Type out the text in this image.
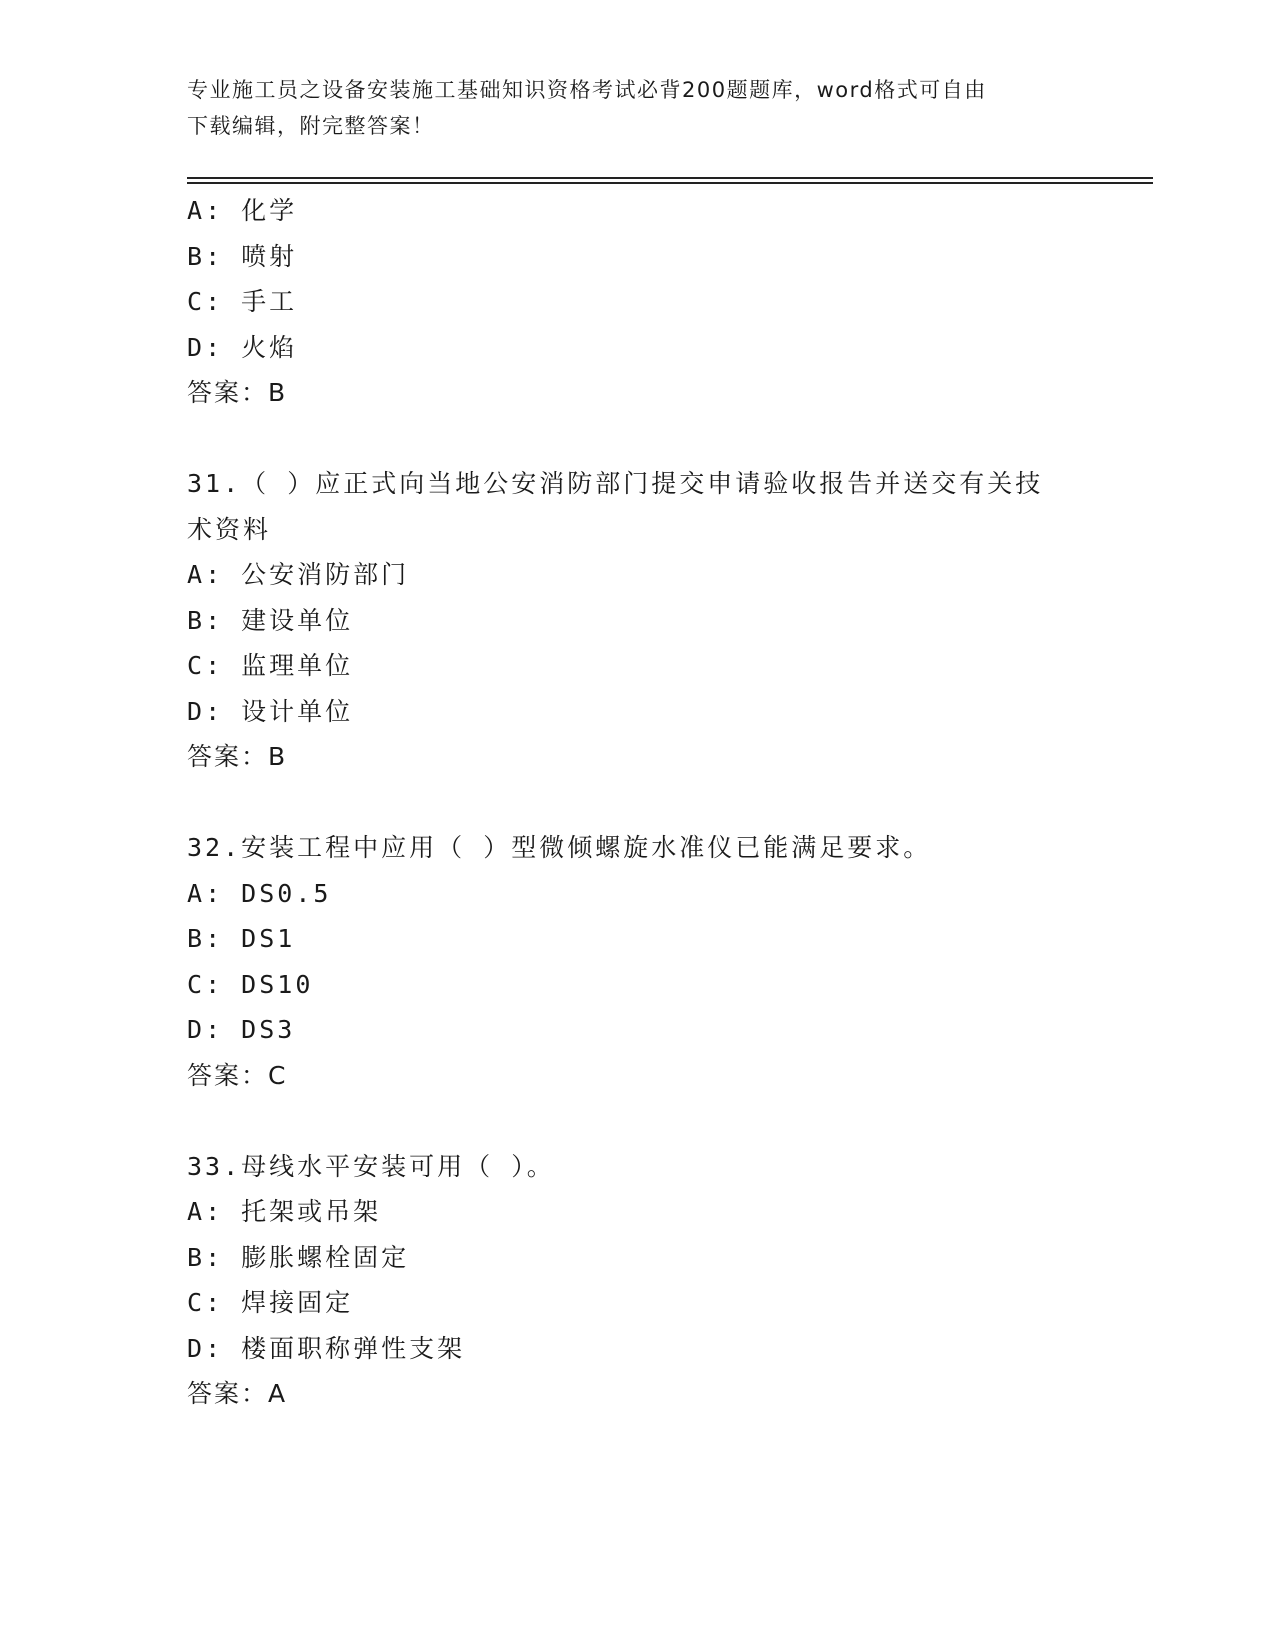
专业施工员之设备安装施工基础知识资格考试必背200题题库，word格式可自由
下载编辑，附完整答案！
A: 化学
B: 喷射
C: 手工
D: 火焰
答案：B
31.（ ）应正式向当地公安消防部门提交申请验收报告并送交有关技
术资料
A: 公安消防部门
B: 建设单位
C: 监理单位
D: 设计单位
答案：B
32.安装工程中应用（ ）型微倾螺旋水准仪已能满足要求。
A: DS0.5
B: DS1
C: DS10
D: DS3
答案：C
33.母线水平安装可用（ ）。
A: 托架或吊架
B: 膨胀螺栓固定
C: 焊接固定
D: 楼面职称弹性支架
答案：A
